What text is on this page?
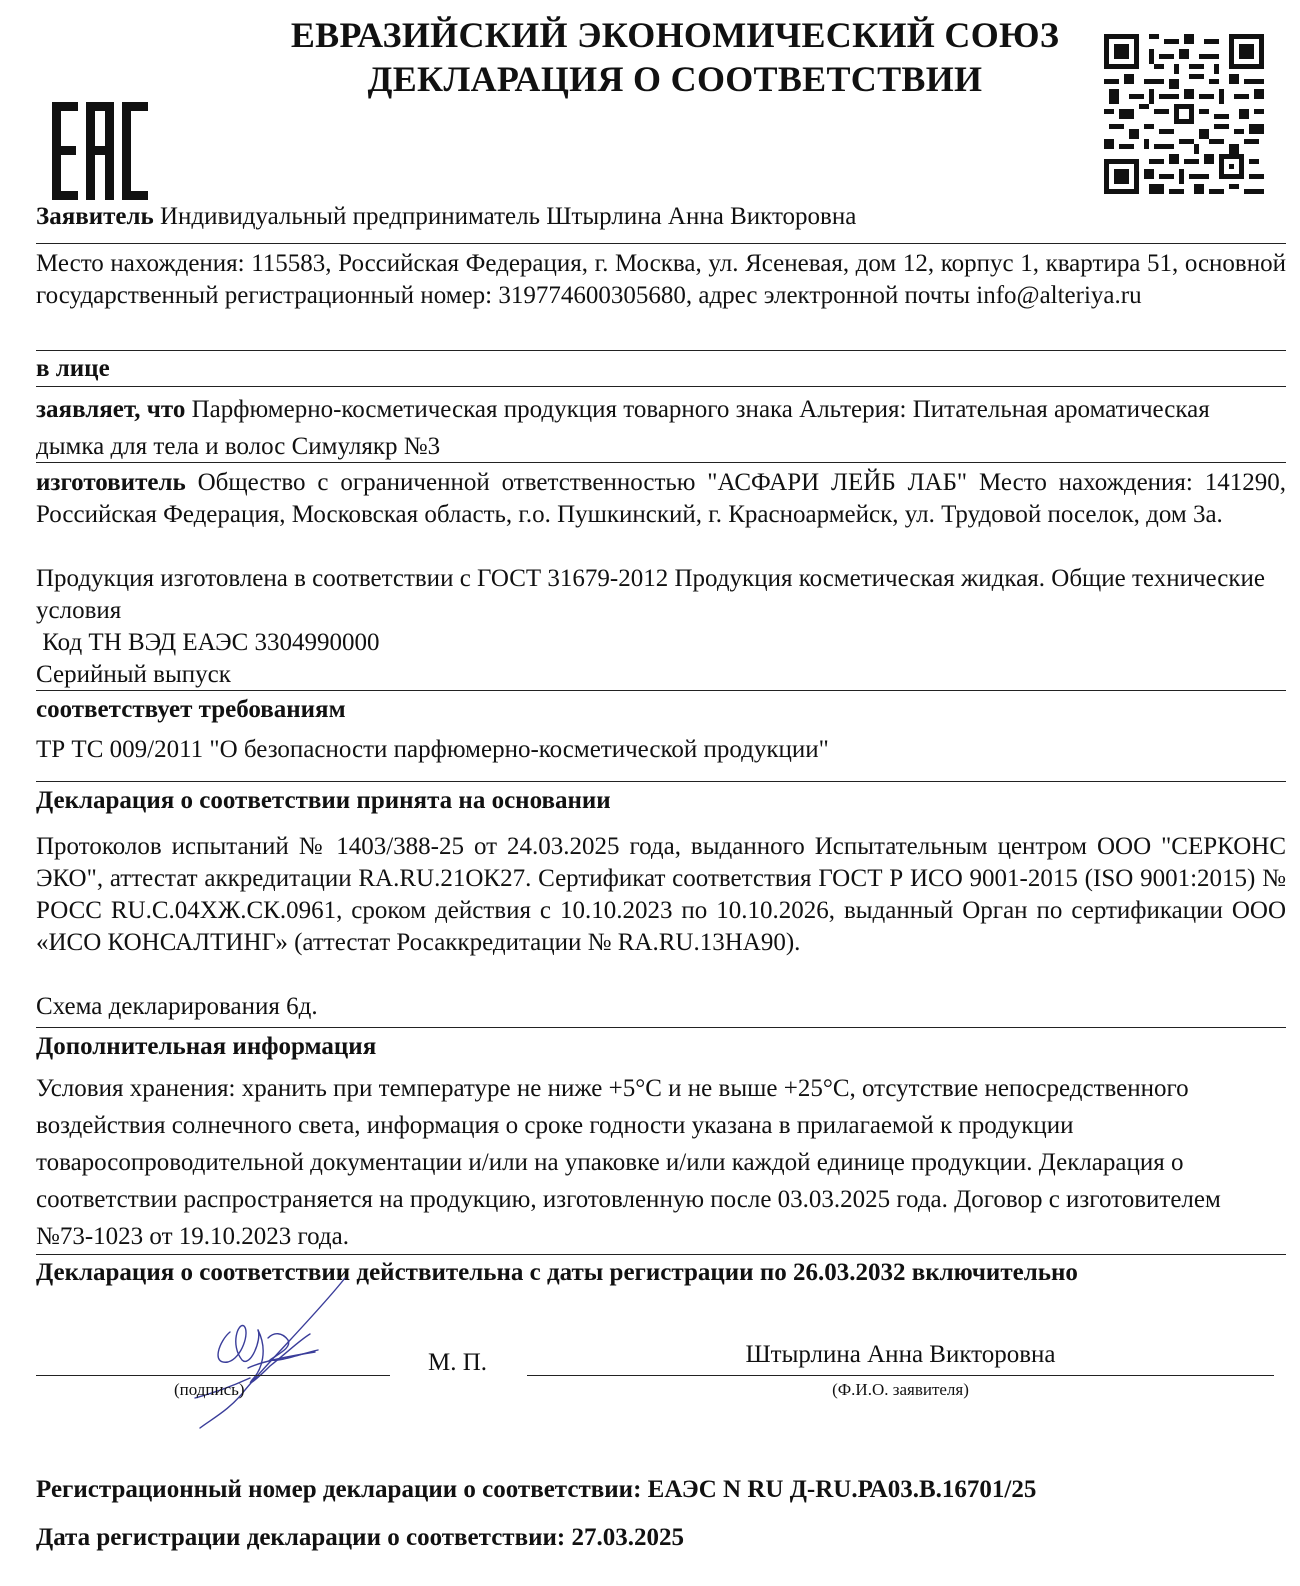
ЕВРАЗИЙСКИЙ ЭКОНОМИЧЕСКИЙ СОЮЗ
ДЕКЛАРАЦИЯ О СООТВЕТСТВИИ
Заявитель Индивидуальный предприниматель Штырлина Анна Викторовна
Место нахождения: 115583, Российская Федерация, г. Москва, ул. Ясеневая, дом 12, корпус 1, квартира 51, основной государственный регистрационный номер: 319774600305680, адрес электронной почты info@alteriya.ru
в лице
заявляет, что Парфюмерно-косметическая продукция товарного знака Альтерия: Питательная ароматическая дымка для тела и волос Симулякр №3
изготовитель Общество с ограниченной ответственностью "АСФАРИ ЛЕЙБ ЛАБ" Место нахождения: 141290, Российская Федерация, Московская область, г.о. Пушкинский, г. Красноармейск, ул. Трудовой поселок, дом 3а.
Продукция изготовлена в соответствии с ГОСТ 31679-2012 Продукция косметическая жидкая. Общие технические условия
Код ТН ВЭД ЕАЭС 3304990000
Серийный выпуск
соответствует требованиям
ТР ТС 009/2011 "О безопасности парфюмерно-косметической продукции"
Декларация о соответствии принята на основании
Протоколов испытаний № 1403/388-25 от 24.03.2025 года, выданного Испытательным центром ООО "СЕРКОНС ЭКО", аттестат аккредитации RA.RU.21ОК27. Сертификат соответствия ГОСТ Р ИСО 9001-2015 (ISO 9001:2015) № РОСС RU.С.04ХЖ.СК.0961, сроком действия с 10.10.2023 по 10.10.2026, выданный Орган по сертификации ООО «ИСО КОНСАЛТИНГ» (аттестат Росаккредитации № RA.RU.13НА90).
Схема декларирования 6д.
Дополнительная информация
Условия хранения: хранить при температуре не ниже +5°С и не выше +25°С, отсутствие непосредственного воздействия солнечного света, информация о сроке годности указана в прилагаемой к продукции товаросопроводительной документации и/или на упаковке и/или каждой единице продукции. Декларация о соответствии распространяется на продукцию, изготовленную после 03.03.2025 года. Договор с изготовителем №73-1023 от 19.10.2023 года.
Декларация о соответствии действительна с даты регистрации по 26.03.2032 включительно
(подпись)
М. П.	Штырлина Анна Викторовна
(Ф.И.О. заявителя)
Регистрационный номер декларации о соответствии: ЕАЭС N RU Д-RU.РА03.В.16701/25
Дата регистрации декларации о соответствии: 27.03.2025
